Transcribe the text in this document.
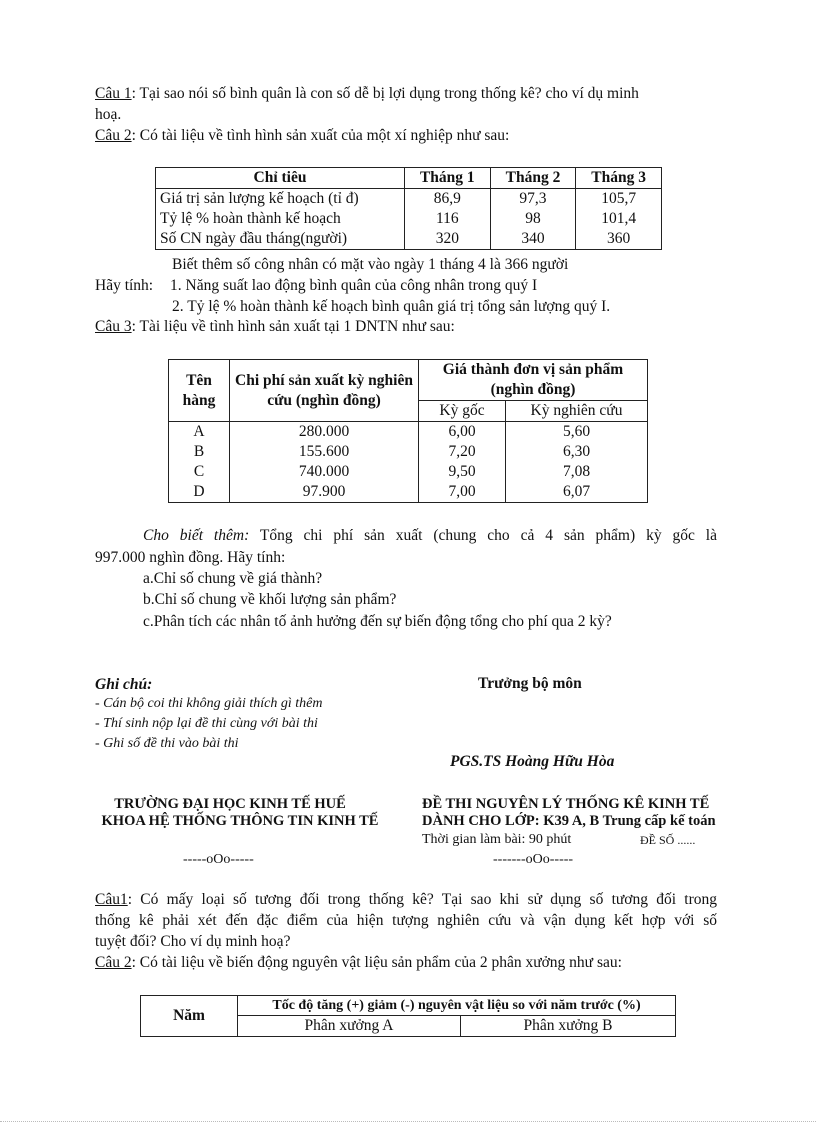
Câu 1: Tại sao nói số bình quân là con số dễ bị lợi dụng trong thống kê? cho ví dụ minh
hoạ.
Câu 2: Có tài liệu về tình hình sản xuất của một xí nghiệp như sau:
Chỉ tiêu	Tháng 1	Tháng 2	Tháng 3
Giá trị sản lượng kế hoạch (tỉ đ)	86,9	97,3	105,7
Tỷ lệ % hoàn thành kế hoạch	116	98	101,4
Số CN ngày đầu tháng(người)	320	340	360
Biết thêm số công nhân có mặt vào ngày 1 tháng 4 là 366 người
Hãy tính: 1. Năng suất lao động bình quân của công nhân trong quý I
2. Tỷ lệ % hoàn thành kế hoạch bình quân giá trị tổng sản lượng quý I.
Câu 3: Tài liệu về tình hình sản xuất tại 1 DNTN như sau:
Tên hàng	Chi phí sản xuất kỳ nghiên cứu (nghìn đồng)	Giá thành đơn vị sản phẩm (nghìn đồng)	
		Kỳ gốc	Kỳ nghiên cứu
A	280.000	6,00	5,60
B	155.600	7,20	6,30
C	740.000	9,50	7,08
D	97.900	7,00	6,07
Cho biết thêm: Tổng chi phí sản xuất (chung cho cả 4 sản phẩm) kỳ gốc là
997.000 nghìn đồng. Hãy tính:
a.Chỉ số chung về giá thành?
b.Chỉ số chung về khối lượng sản phẩm?
c.Phân tích các nhân tố ảnh hưởng đến sự biến động tổng cho phí qua 2 kỳ?
Ghi chú:
- Cán bộ coi thi không giải thích gì thêm
- Thí sinh nộp lại đề thi cùng với bài thi
- Ghi số đề thi vào bài thi
Trưởng bộ môn
PGS.TS Hoàng Hữu Hòa
TRƯỜNG ĐẠI HỌC KINH TẾ HUẾ
KHOA HỆ THỐNG THÔNG TIN KINH TẾ
-----oOo-----
ĐỀ THI NGUYÊN LÝ THỐNG KÊ KINH TẾ
DÀNH CHO LỚP: K39 A, B Trung cấp kế toán
Thời gian làm bài: 90 phút	ĐỀ SỐ ......
-------oOo-----
Câu1: Có mấy loại số tương đối trong thống kê? Tại sao khi sử dụng số tương đối trong
thống kê phải xét đến đặc điểm của hiện tượng nghiên cứu và vận dụng kết hợp với số
tuyệt đối? Cho ví dụ minh hoạ?
Câu 2: Có tài liệu về biến động nguyên vật liệu sản phẩm của 2 phân xưởng như sau:
Năm	Tốc độ tăng (+) giảm (-) nguyên vật liệu so với năm trước (%)	
	Phân xưởng A	Phân xưởng B
